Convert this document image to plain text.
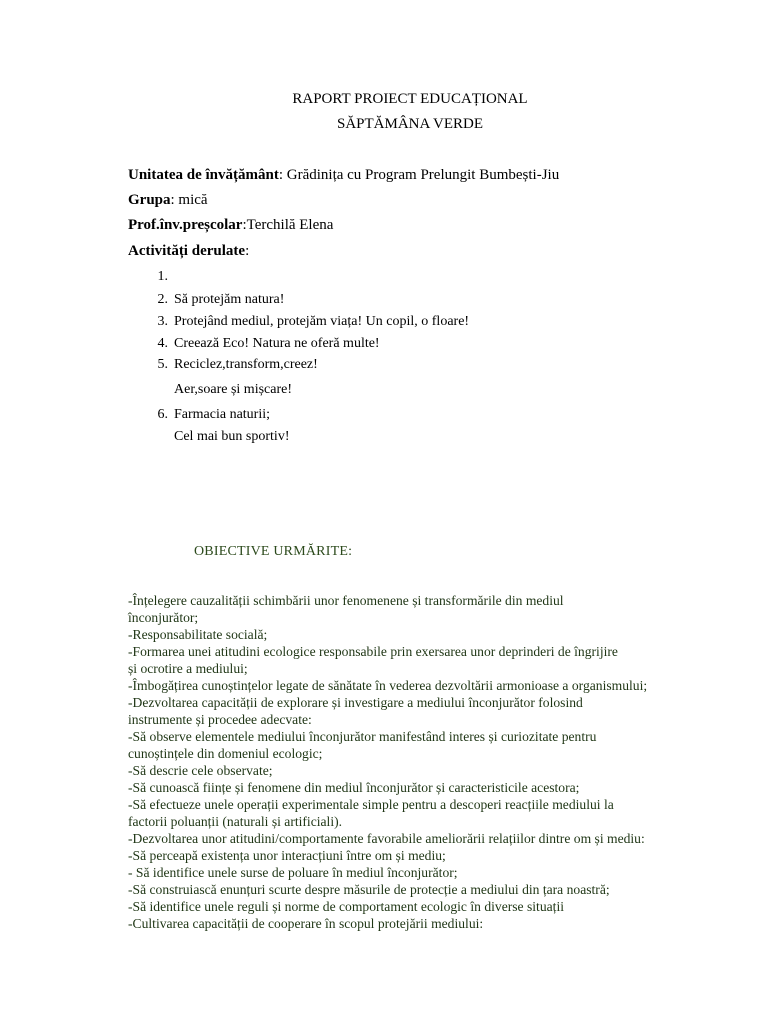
RAPORT PROIECT EDUCAȚIONAL
SĂPTĂMÂNA VERDE
Unitatea de învățământ: Grădinița cu Program Prelungit Bumbești-Jiu
Grupa: mică
Prof.înv.preșcolar:Terchilă Elena
Activități derulate:
1.
2. Să protejăm natura!
3. Protejând mediul, protejăm viața! Un copil, o floare!
4. Creează Eco! Natura ne oferă multe!
5. Reciclez,transform,creez!
Aer,soare și mișcare!
6. Farmacia naturii;
Cel mai bun sportiv!
OBIECTIVE URMĂRITE:
-Înțelegere cauzalității schimbării unor fenomenene și transformările din mediul
înconjurător;
-Responsabilitate socială;
-Formarea unei atitudini ecologice responsabile prin exersarea unor deprinderi de îngrijire
și ocrotire a mediului;
-Îmbogățirea cunoștințelor legate de sănătate în vederea dezvoltării armonioase a organismului;
-Dezvoltarea capacității de explorare și investigare a mediului înconjurător folosind
instrumente și procedee adecvate:
-Să observe elementele mediului înconjurător manifestând interes și curiozitate pentru
cunoștințele din domeniul ecologic;
-Să descrie cele observate;
-Să cunoască ființe și fenomene din mediul înconjurător și caracteristicile acestora;
-Să efectueze unele operații experimentale simple pentru a descoperi reacțiile mediului la
factorii poluanții (naturali și artificiali).
-Dezvoltarea unor atitudini/comportamente favorabile ameliorării relațiilor dintre om și mediu:
-Să perceapă existența unor interacțiuni între om și mediu;
- Să identifice unele surse de poluare în mediul înconjurător;
-Să construiască enunțuri scurte despre măsurile de protecție a mediului din țara noastră;
-Să identifice unele reguli și norme de comportament ecologic în diverse situații
-Cultivarea capacității de cooperare în scopul protejării mediului:
